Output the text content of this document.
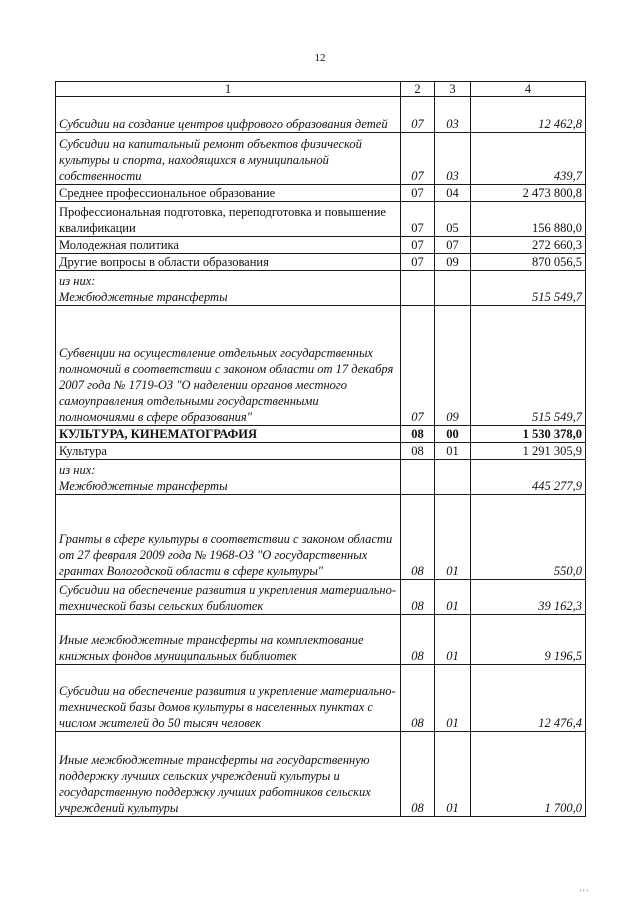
12
1	2	3	4
Субсидии на создание центров цифрового образования детей	07	03	12 462,8
Субсидии на капитальный ремонт объектов физической культуры и спорта, находящихся в муниципальной собственности	07	03	439,7
Среднее профессиональное образование	07	04	2 473 800,8
Профессиональная подготовка, переподготовка и повышение квалификации	07	05	156 880,0
Молодежная политика	07	07	272 660,3
Другие вопросы в области образования	07	09	870 056,5

из них:
Межбюджетные трансферты			515 549,7
Субвенции на осуществление отдельных государственных полномочий в соответствии с законом области от 17 декабря 2007 года № 1719-ОЗ "О наделении органов местного самоуправления отдельными государственными полномочиями в сфере образования"	07	09	515 549,7
КУЛЬТУРА, КИНЕМАТОГРАФИЯ	08	00	1 530 378,0
Культура	08	01	1 291 305,9

из них:
Межбюджетные трансферты			445 277,9
Гранты в сфере культуры в соответствии с законом области от 27 февраля 2009 года № 1968-ОЗ "О государственных грантах Вологодской области в сфере культуры"	08	01	550,0
Субсидии на обеспечение развития и укрепления материально-технической базы сельских библиотек	08	01	39 162,3
Иные межбюджетные трансферты на комплектование книжных фондов муниципальных библиотек	08	01	9 196,5
Субсидии на обеспечение развития и укрепление материально-технической базы домов культуры в населенных пунктах с числом жителей до 50 тысяч человек	08	01	12 476,4
Иные межбюджетные трансферты на государственную поддержку лучших сельских учреждений культуры и государственную поддержку лучших работников сельских учреждений культуры	08	01	1 700,0
' ' '
